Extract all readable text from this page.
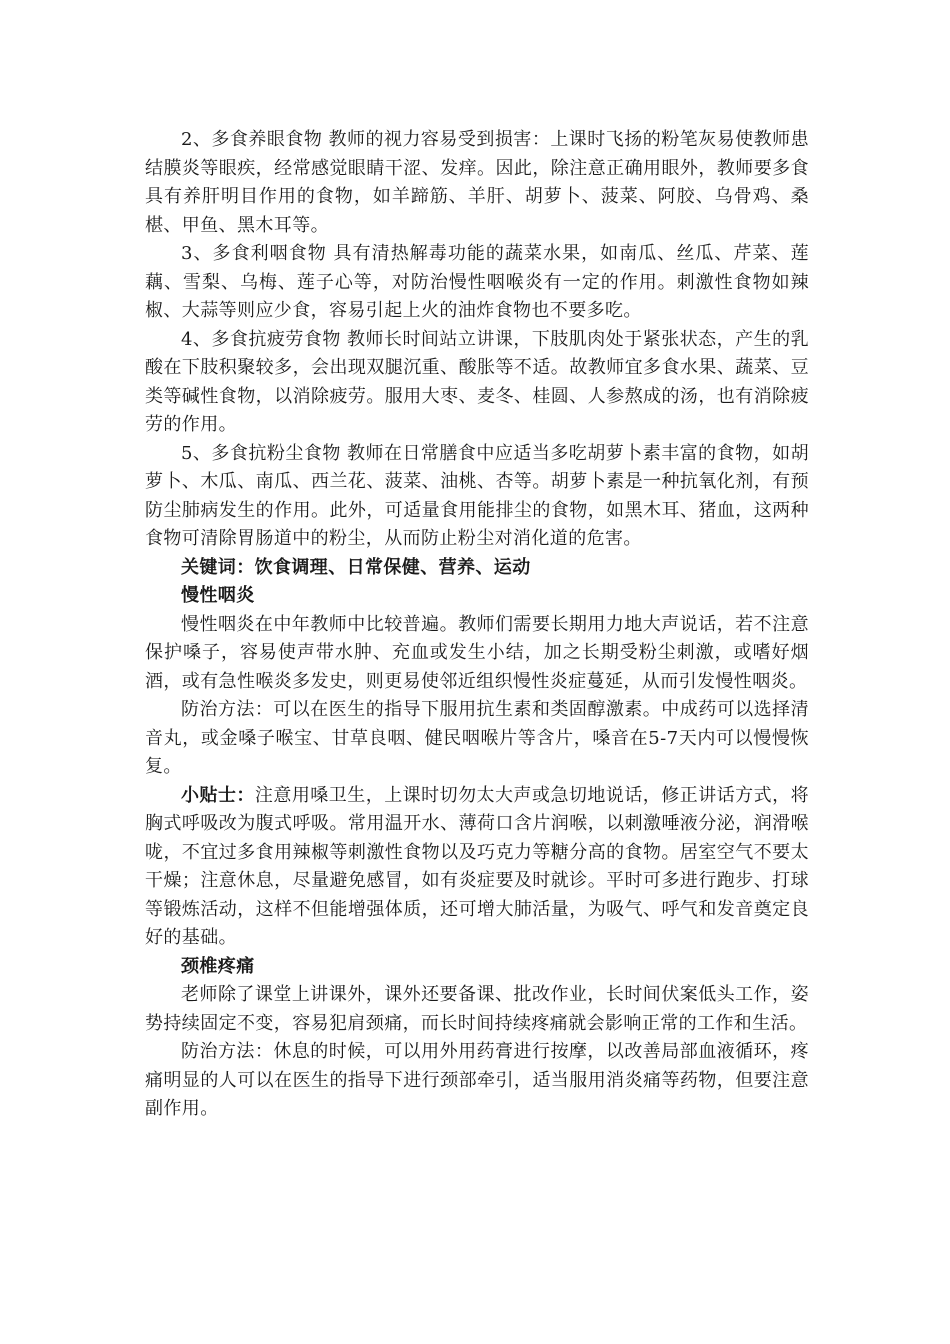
2、多食养眼食物 教师的视力容易受到损害：上课时飞扬的粉笔灰易使教师患结膜炎等眼疾，经常感觉眼睛干涩、发痒。因此，除注意正确用眼外，教师要多食具有养肝明目作用的食物，如羊蹄筋、羊肝、胡萝卜、菠菜、阿胶、乌骨鸡、桑椹、甲鱼、黑木耳等。

3、多食利咽食物 具有清热解毒功能的蔬菜水果，如南瓜、丝瓜、芹菜、莲藕、雪梨、乌梅、莲子心等，对防治慢性咽喉炎有一定的作用。刺激性食物如辣椒、大蒜等则应少食，容易引起上火的油炸食物也不要多吃。

4、多食抗疲劳食物 教师长时间站立讲课，下肢肌肉处于紧张状态，产生的乳酸在下肢积聚较多，会出现双腿沉重、酸胀等不适。故教师宜多食水果、蔬菜、豆类等碱性食物，以消除疲劳。服用大枣、麦冬、桂圆、人参熬成的汤，也有消除疲劳的作用。

5、多食抗粉尘食物 教师在日常膳食中应适当多吃胡萝卜素丰富的食物，如胡萝卜、木瓜、南瓜、西兰花、菠菜、油桃、杏等。胡萝卜素是一种抗氧化剂，有预防尘肺病发生的作用。此外，可适量食用能排尘的食物，如黑木耳、猪血，这两种食物可清除胃肠道中的粉尘，从而防止粉尘对消化道的危害。

关键词：饮食调理、日常保健、营养、运动

慢性咽炎

慢性咽炎在中年教师中比较普遍。教师们需要长期用力地大声说话，若不注意保护嗓子，容易使声带水肿、充血或发生小结，加之长期受粉尘刺激，或嗜好烟酒，或有急性喉炎多发史，则更易使邻近组织慢性炎症蔓延，从而引发慢性咽炎。

防治方法：可以在医生的指导下服用抗生素和类固醇激素。中成药可以选择清音丸，或金嗓子喉宝、甘草良咽、健民咽喉片等含片，嗓音在5-7天内可以慢慢恢复。

小贴士：注意用嗓卫生，上课时切勿太大声或急切地说话，修正讲话方式，将胸式呼吸改为腹式呼吸。常用温开水、薄荷口含片润喉，以刺激唾液分泌，润滑喉咙，不宜过多食用辣椒等刺激性食物以及巧克力等糖分高的食物。居室空气不要太干燥；注意休息，尽量避免感冒，如有炎症要及时就诊。平时可多进行跑步、打球等锻炼活动，这样不但能增强体质，还可增大肺活量，为吸气、呼气和发音奠定良好的基础。

颈椎疼痛

老师除了课堂上讲课外，课外还要备课、批改作业，长时间伏案低头工作，姿势持续固定不变，容易犯肩颈痛，而长时间持续疼痛就会影响正常的工作和生活。

防治方法：休息的时候，可以用外用药膏进行按摩，以改善局部血液循环，疼痛明显的人可以在医生的指导下进行颈部牵引，适当服用消炎痛等药物，但要注意副作用。
